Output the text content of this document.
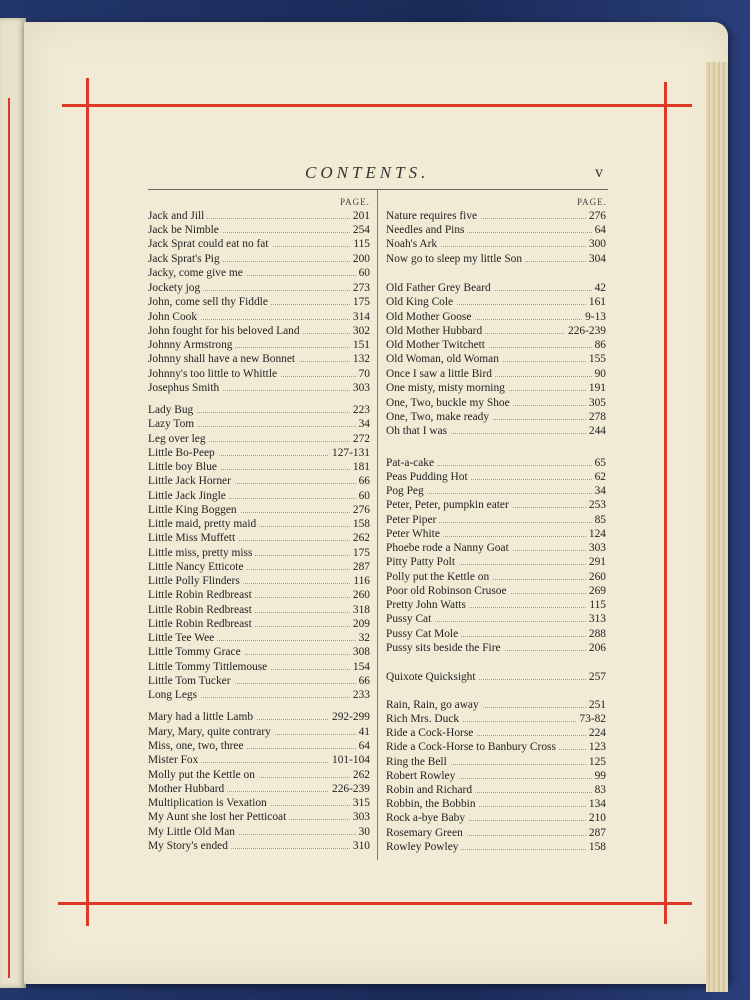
CONTENTS.	v
PAGE.	PAGE.
Jack and Jill	201
Jack be Nimble	254
Jack Sprat could eat no fat	115
Jack Sprat's Pig	200
Jacky, come give me	60
Jockety jog	273
John, come sell thy Fiddle	175
John Cook	314
John fought for his beloved Land	302
Johnny Armstrong	151
Johnny shall have a new Bonnet	132
Johnny's too little to Whittle	70
Josephus Smith	303
Lady Bug	223
Lazy Tom	34
Leg over leg	272
Little Bo-Peep	127-131
Little boy Blue	181
Little Jack Horner	66
Little Jack Jingle	60
Little King Boggen	276
Little maid, pretty maid	158
Little Miss Muffett	262
Little miss, pretty miss	175
Little Nancy Etticote	287
Little Polly Flinders	116
Little Robin Redbreast	260
Little Robin Redbreast	318
Little Robin Redbreast	209
Little Tee Wee	32
Little Tommy Grace	308
Little Tommy Tittlemouse	154
Little Tom Tucker	66
Long Legs	233
Mary had a little Lamb	292-299
Mary, Mary, quite contrary	41
Miss, one, two, three	64
Mister Fox	101-104
Molly put the Kettle on	262
Mother Hubbard	226-239
Multiplication is Vexation	315
My Aunt she lost her Petticoat	303
My Little Old Man	30
My Story's ended	310
Nature requires five	276
Needles and Pins	64
Noah's Ark	300
Now go to sleep my little Son	304
Old Father Grey Beard	42
Old King Cole	161
Old Mother Goose	9-13
Old Mother Hubbard	226-239
Old Mother Twitchett	86
Old Woman, old Woman	155
Once I saw a little Bird	90
One misty, misty morning	191
One, Two, buckle my Shoe	305
One, Two, make ready	278
Oh that I was	244
Pat-a-cake	65
Peas Pudding Hot	62
Pog Peg	34
Peter, Peter, pumpkin eater	253
Peter Piper	85
Peter White	124
Phoebe rode a Nanny Goat	303
Pitty Patty Polt	291
Polly put the Kettle on	260
Poor old Robinson Crusoe	269
Pretty John Watts	115
Pussy Cat	313
Pussy Cat Mole	288
Pussy sits beside the Fire	206
Quixote Quicksight	257
Rain, Rain, go away	251
Rich Mrs. Duck	73-82
Ride a Cock-Horse	224
Ride a Cock-Horse to Banbury Cross	123
Ring the Bell	125
Robert Rowley	99
Robin and Richard	83
Robbin, the Bobbin	134
Rock a-bye Baby	210
Rosemary Green	287
Rowley Powley	158
